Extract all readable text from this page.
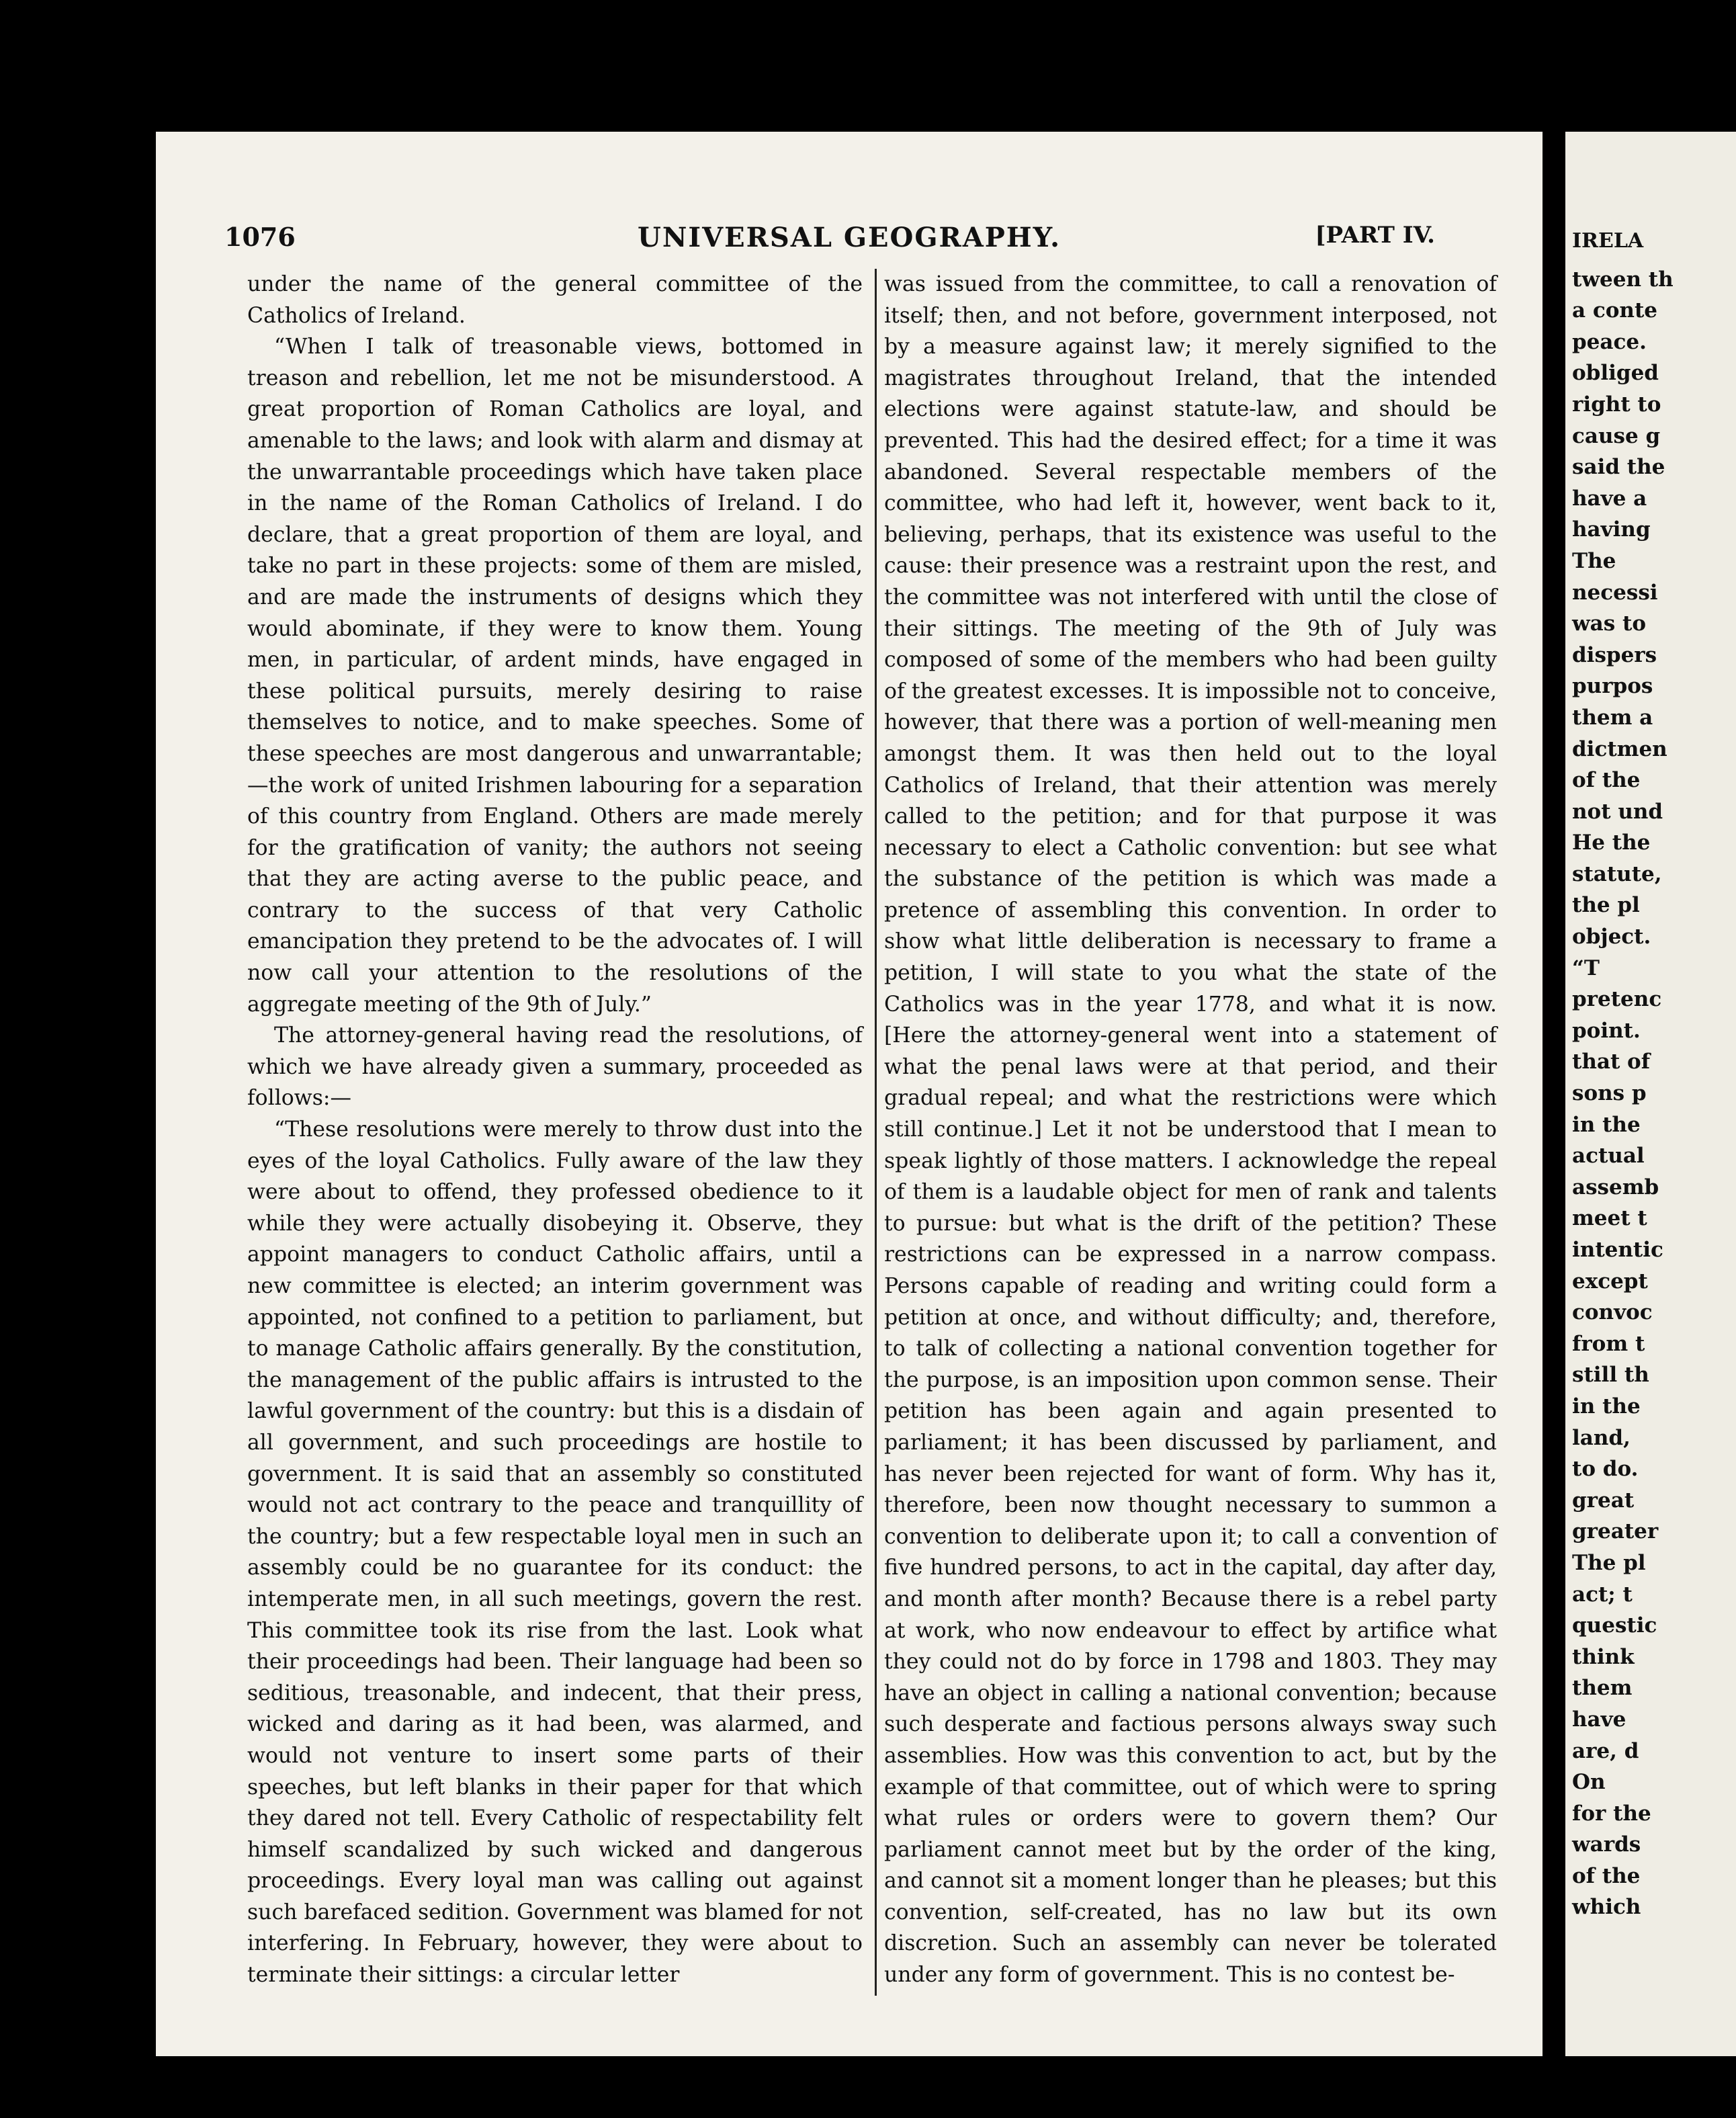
1076	UNIVERSAL GEOGRAPHY.	[PART IV.

under the name of the general committee of the Catholics of Ireland.

“When I talk of treasonable views, bottomed in treason and rebellion, let me not be misunderstood. A great proportion of Roman Catholics are loyal, and amenable to the laws; and look with alarm and dismay at the unwarrantable proceedings which have taken place in the name of the Roman Catholics of Ireland. I do declare, that a great proportion of them are loyal, and take no part in these projects: some of them are misled, and are made the instruments of designs which they would abominate, if they were to know them. Young men, in particular, of ardent minds, have engaged in these political pursuits, merely desiring to raise themselves to notice, and to make speeches. Some of these speeches are most dangerous and unwarrantable;—the work of united Irishmen labouring for a separation of this country from England. Others are made merely for the gratification of vanity; the authors not seeing that they are acting averse to the public peace, and contrary to the success of that very Catholic emancipation they pretend to be the advocates of. I will now call your attention to the resolutions of the aggregate meeting of the 9th of July.”

The attorney-general having read the resolutions, of which we have already given a summary, proceeded as follows:—

“These resolutions were merely to throw dust into the eyes of the loyal Catholics. Fully aware of the law they were about to offend, they professed obedience to it while they were actually disobeying it. Observe, they appoint managers to conduct Catholic affairs, until a new committee is elected; an interim government was appointed, not confined to a petition to parliament, but to manage Catholic affairs generally. By the constitution, the management of the public affairs is intrusted to the lawful government of the country: but this is a disdain of all government, and such proceedings are hostile to government. It is said that an assembly so constituted would not act contrary to the peace and tranquillity of the country; but a few respectable loyal men in such an assembly could be no guarantee for its conduct: the intemperate men, in all such meetings, govern the rest. This committee took its rise from the last. Look what their proceedings had been. Their language had been so seditious, treasonable, and indecent, that their press, wicked and daring as it had been, was alarmed, and would not venture to insert some parts of their speeches, but left blanks in their paper for that which they dared not tell. Every Catholic of respectability felt himself scandalized by such wicked and dangerous proceedings. Every loyal man was calling out against such barefaced sedition. Government was blamed for not interfering. In February, however, they were about to terminate their sittings: a circular letter

was issued from the committee, to call a renovation of itself; then, and not before, government interposed, not by a measure against law; it merely signified to the magistrates throughout Ireland, that the intended elections were against statute-law, and should be prevented. This had the desired effect; for a time it was abandoned. Several respectable members of the committee, who had left it, however, went back to it, believing, perhaps, that its existence was useful to the cause: their presence was a restraint upon the rest, and the committee was not interfered with until the close of their sittings. The meeting of the 9th of July was composed of some of the members who had been guilty of the greatest excesses. It is impossible not to conceive, however, that there was a portion of well-meaning men amongst them. It was then held out to the loyal Catholics of Ireland, that their attention was merely called to the petition; and for that purpose it was necessary to elect a Catholic convention: but see what the substance of the petition is which was made a pretence of assembling this convention. In order to show what little deliberation is necessary to frame a petition, I will state to you what the state of the Catholics was in the year 1778, and what it is now. [Here the attorney-general went into a statement of what the penal laws were at that period, and their gradual repeal; and what the restrictions were which still continue.] Let it not be understood that I mean to speak lightly of those matters. I acknowledge the repeal of them is a laudable object for men of rank and talents to pursue: but what is the drift of the petition? These restrictions can be expressed in a narrow compass. Persons capable of reading and writing could form a petition at once, and without difficulty; and, therefore, to talk of collecting a national convention together for the purpose, is an imposition upon common sense. Their petition has been again and again presented to parliament; it has been discussed by parliament, and has never been rejected for want of form. Why has it, therefore, been now thought necessary to summon a convention to deliberate upon it; to call a convention of five hundred persons, to act in the capital, day after day, and month after month? Because there is a rebel party at work, who now endeavour to effect by artifice what they could not do by force in 1798 and 1803. They may have an object in calling a national convention; because such desperate and factious persons always sway such assemblies. How was this convention to act, but by the example of that committee, out of which were to spring what rules or orders were to govern them? Our parliament cannot meet but by the order of the king, and cannot sit a moment longer than he pleases; but this convention, self-created, has no law but its own discretion. Such an assembly can never be tolerated under any form of government. This is no contest be-

IRELA
tween th
a conte
peace.
obliged
right to
cause g
said the
have a
having
The
necessi
was to
dispers
purpos
them a
dictmen
of the
not und
He the
statute,
the pl
object.
“T
pretenc
point.
that of
sons p
in the
actual
assemb
meet t
intentic
except
convoc
from t
still th
in the
land,
to do.
great
greater
The pl
act; t
questic
think
them
have
are, d
On
for the
wards
of the
which
